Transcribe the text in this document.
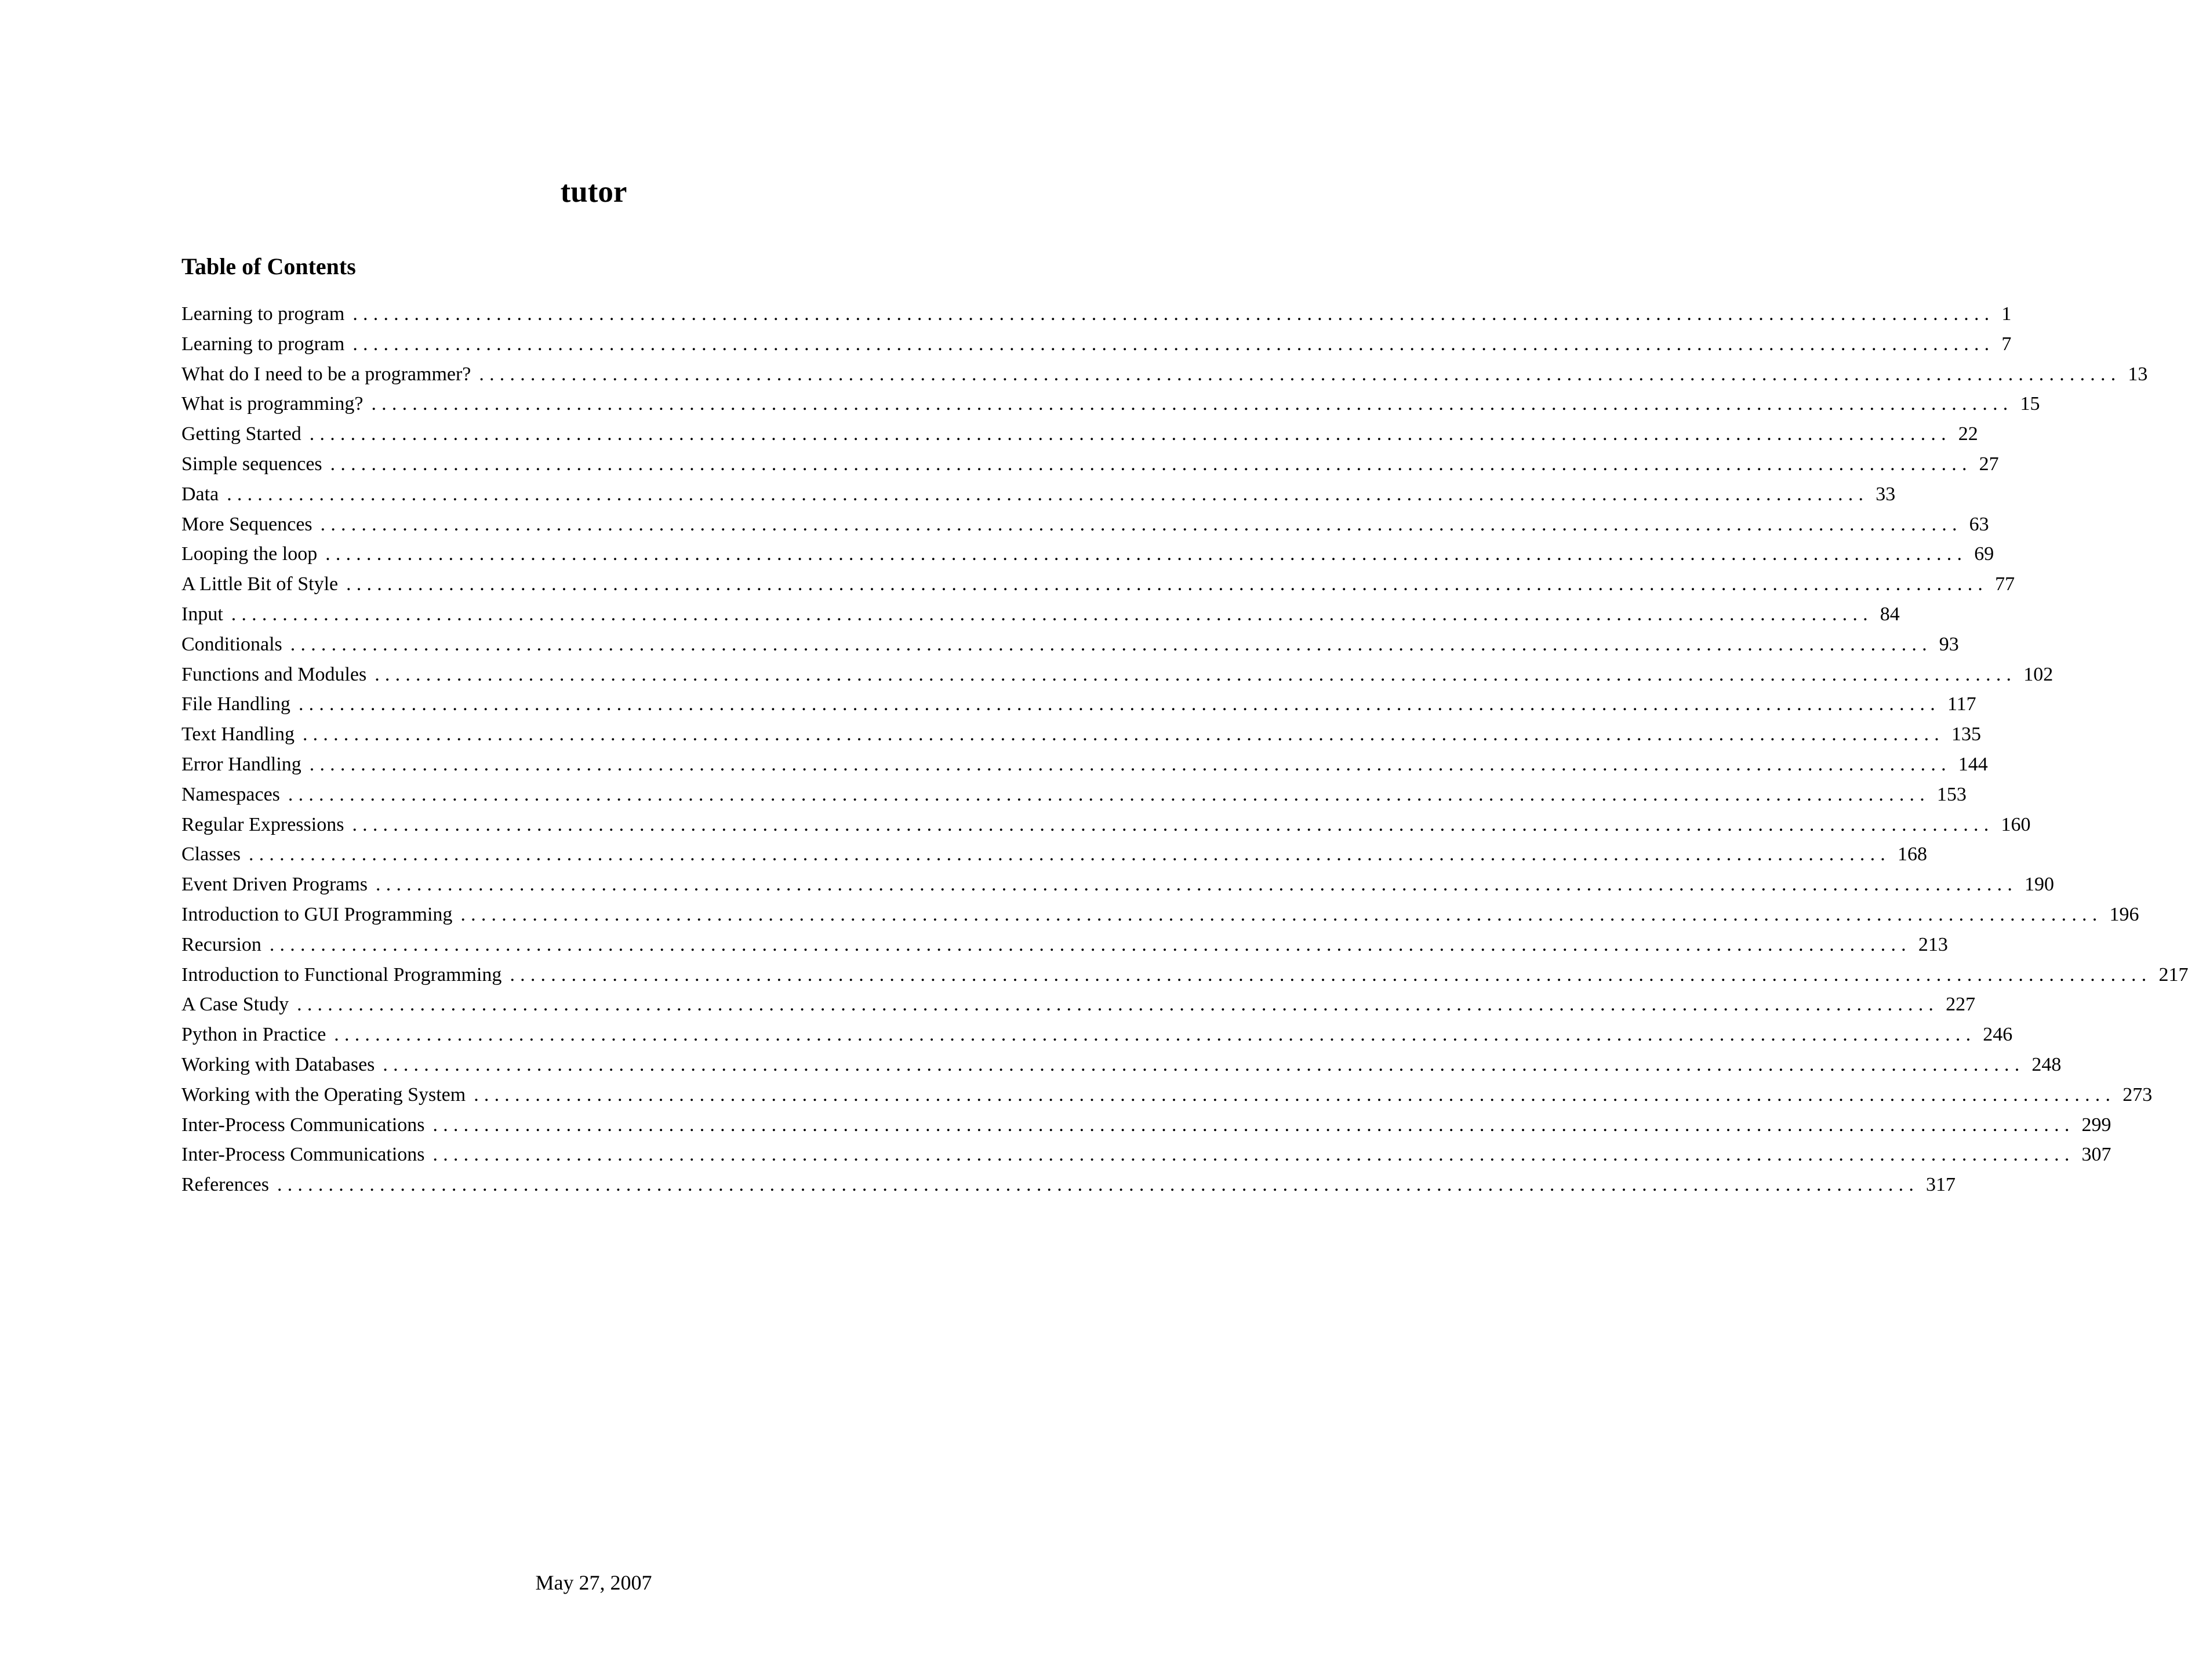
tutor
Table of Contents
Learning to program ................................................................................................................................................................ 1
Learning to program ................................................................................................................................................................ 7
What do I need to be a programmer? ................................................................................................................................................................ 13
What is programming? ................................................................................................................................................................ 15
Getting Started ................................................................................................................................................................ 22
Simple sequences ................................................................................................................................................................ 27
Data ................................................................................................................................................................ 33
More Sequences ................................................................................................................................................................ 63
Looping the loop ................................................................................................................................................................ 69
A Little Bit of Style ................................................................................................................................................................ 77
Input ................................................................................................................................................................ 84
Conditionals ................................................................................................................................................................ 93
Functions and Modules ................................................................................................................................................................ 102
File Handling ................................................................................................................................................................ 117
Text Handling ................................................................................................................................................................ 135
Error Handling ................................................................................................................................................................ 144
Namespaces ................................................................................................................................................................ 153
Regular Expressions ................................................................................................................................................................ 160
Classes ................................................................................................................................................................ 168
Event Driven Programs ................................................................................................................................................................ 190
Introduction to GUI Programming ................................................................................................................................................................ 196
Recursion ................................................................................................................................................................ 213
Introduction to Functional Programming ................................................................................................................................................................ 217
A Case Study ................................................................................................................................................................ 227
Python in Practice ................................................................................................................................................................ 246
Working with Databases ................................................................................................................................................................ 248
Working with the Operating System ................................................................................................................................................................ 273
Inter-Process Communications ................................................................................................................................................................ 299
Inter-Process Communications ................................................................................................................................................................ 307
References ................................................................................................................................................................ 317
May 27, 2007
